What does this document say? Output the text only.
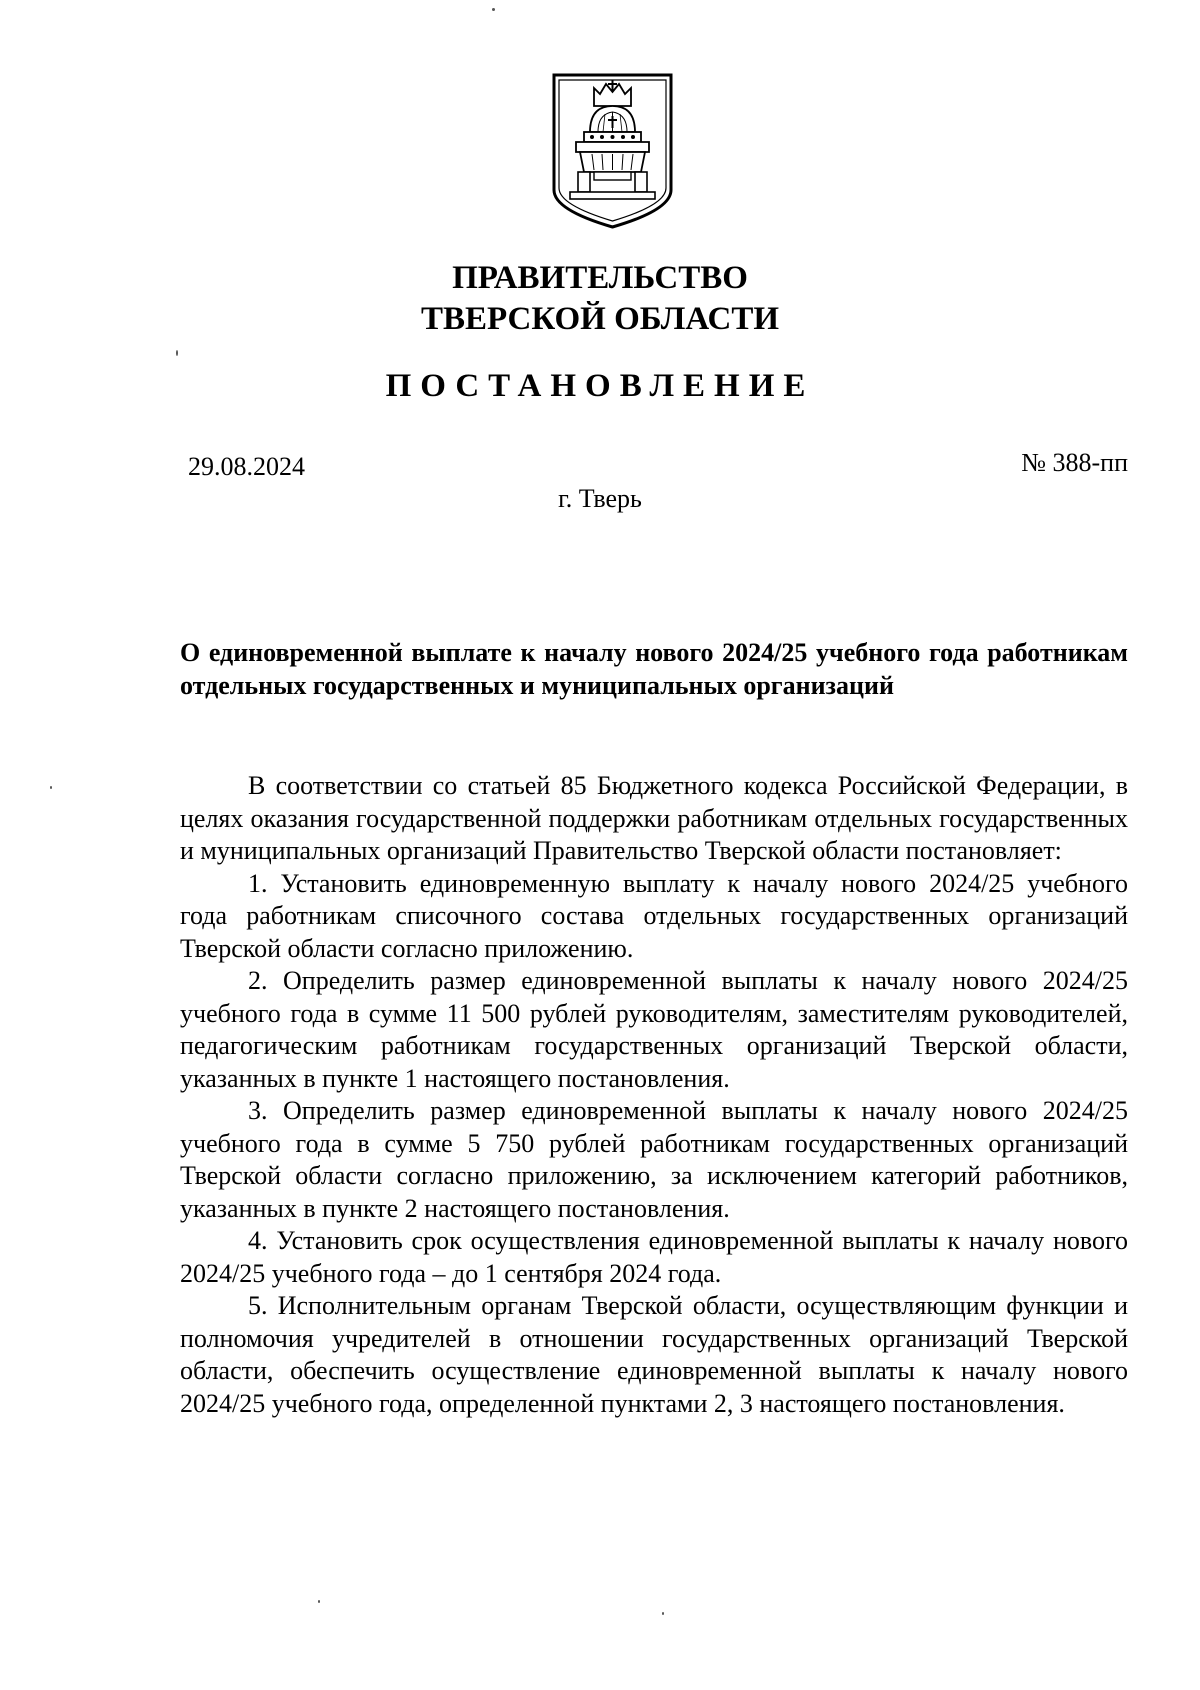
ПРАВИТЕЛЬСТВО
ТВЕРСКОЙ ОБЛАСТИ
ПОСТАНОВЛЕНИЕ
29.08.2024	№ 388-пп
г. Тверь
О единовременной выплате к началу нового 2024/25 учебного года работникам отдельных государственных и муниципальных организаций

В соответствии со статьей 85 Бюджетного кодекса Российской Федерации, в целях оказания государственной поддержки работникам отдельных государственных и муниципальных организаций Правительство Тверской области постановляет:

1. Установить единовременную выплату к началу нового 2024/25 учебного года работникам списочного состава отдельных государственных организаций Тверской области согласно приложению.

2. Определить размер единовременной выплаты к началу нового 2024/25 учебного года в сумме 11 500 рублей руководителям, заместителям руководителей, педагогическим работникам государственных организаций Тверской области, указанных в пункте 1 настоящего постановления.

3. Определить размер единовременной выплаты к началу нового 2024/25 учебного года в сумме 5 750 рублей работникам государственных организаций Тверской области согласно приложению, за исключением категорий работников, указанных в пункте 2 настоящего постановления.

4. Установить срок осуществления единовременной выплаты к началу нового 2024/25 учебного года – до 1 сентября 2024 года.

5. Исполнительным органам Тверской области, осуществляющим функции и полномочия учредителей в отношении государственных организаций Тверской области, обеспечить осуществление единовременной выплаты к началу нового 2024/25 учебного года, определенной пунктами 2, 3 настоящего постановления.
